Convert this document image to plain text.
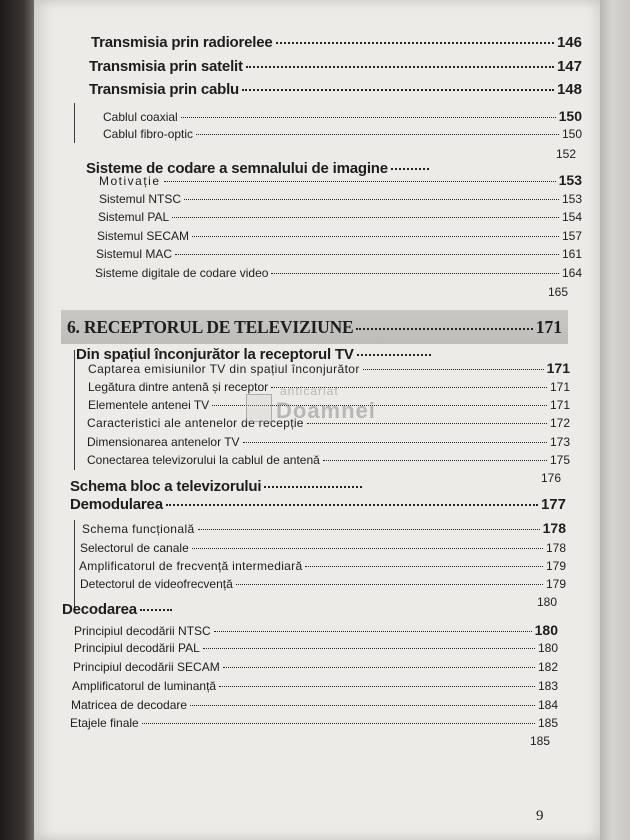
Transmisia prin radiorelee	146
Transmisia prin satelit	147
Transmisia prin cablu	148
Cablul coaxial	150
Cablul fibro-optic	150
152
Sisteme de codare a semnalului de imagine
Motivație	153
Sistemul NTSC	153
Sistemul PAL	154
Sistemul SECAM	157
Sistemul MAC	161
Sisteme digitale de codare video	164
165
6. RECEPTORUL DE TELEVIZIUNE	171
Din spațiul înconjurător la receptorul TV
Captarea emisiunilor TV din spațiul înconjurător	171
Legătura dintre antenă și receptor	171
Elementele antenei TV	171
Caracteristici ale antenelor de recepție	172
Dimensionarea antenelor TV	173
Conectarea televizorului la cablul de antenă	175
176
Schema bloc a televizorului
Demodularea	177
Schema funcțională	178
Selectorul de canale	178
Amplificatorul de frecvență intermediară	179
Detectorul de videofrecvență	179
180
Decodarea
Principiul decodării NTSC	180
Principiul decodării PAL	180
Principiul decodării SECAM	182
Amplificatorul de luminanță	183
Matricea de decodare	184
Etajele finale	185
185
anticariat
Doamnei
9
